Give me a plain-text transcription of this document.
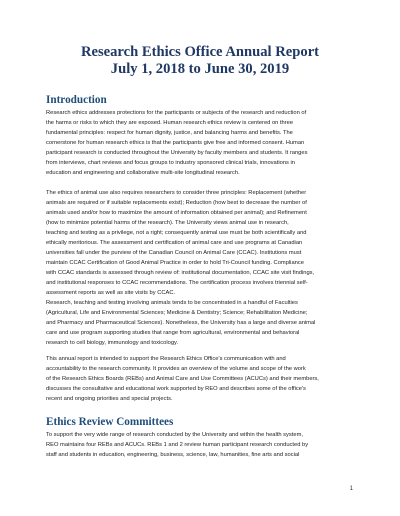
Research Ethics Office Annual Report
July 1, 2018 to June 30, 2019
Introduction
Research ethics addresses protections for the participants or subjects of the research and reduction of
the harms or risks to which they are exposed. Human research ethics review is centered on three
fundamental principles: respect for human dignity, justice, and balancing harms and benefits. The
cornerstone for human research ethics is that the participants give free and informed consent. Human
participant research is conducted throughout the University by faculty members and students. It ranges
from interviews, chart reviews and focus groups to industry sponsored clinical trials, innovations in
education and engineering and collaborative multi-site longitudinal research.
The ethics of animal use also requires researchers to consider three principles: Replacement (whether
animals are required or if suitable replacements exist); Reduction (how best to decrease the number of
animals used and/or how to maximize the amount of information obtained per animal); and Refinement
(how to minimize potential harms of the research). The University views animal use in research,
teaching and testing as a privilege, not a right; consequently animal use must be both scientifically and
ethically meritorious. The assessment and certification of animal care and use programs at Canadian
universities fall under the purview of the Canadian Council on Animal Care (CCAC). Institutions must
maintain CCAC Certification of Good Animal Practice in order to hold Tri-Council funding. Compliance
with CCAC standards is assessed through review of: institutional documentation, CCAC site visit findings,
and institutional responses to CCAC recommendations. The certification process involves triennial self-
assessment reports as well as site visits by CCAC.
Research, teaching and testing involving animals tends to be concentrated in a handful of Faculties
(Agricultural, Life and Environmental Sciences; Medicine & Dentistry; Science; Rehabilitation Medicine;
and Pharmacy and Pharmaceutical Sciences). Nonetheless, the University has a large and diverse animal
care and use program supporting studies that range from agricultural, environmental and behavioral
research to cell biology, immunology and toxicology.
This annual report is intended to support the Research Ethics Office's communication with and
accountability to the research community. It provides an overview of the volume and scope of the work
of the Research Ethics Boards (REBs) and Animal Care and Use Committees (ACUCs) and their members,
discusses the consultative and educational work supported by REO and describes some of the office's
recent and ongoing priorities and special projects.
Ethics Review Committees
To support the very wide range of research conducted by the University and within the health system,
REO maintains four REBs and ACUCs. REBs 1 and 2 review human participant research conducted by
staff and students in education, engineering, business, science, law, humanities, fine arts and social
1
